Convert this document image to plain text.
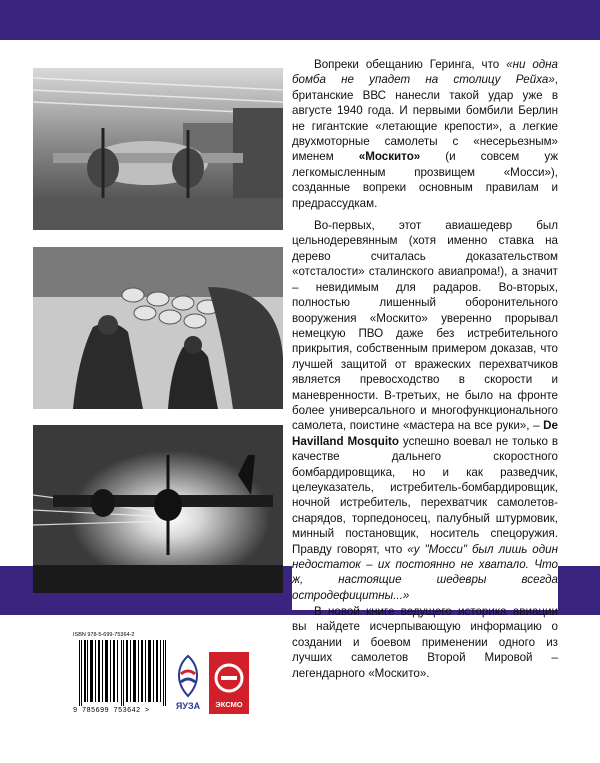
Вопреки обещанию Геринга, что «ни одна бомба не упадет на столицу Рейха», британские ВВС нанесли такой удар уже в августе 1940 года. И первыми бомбили Берлин не гигантские «летающие крепости», а легкие двухмоторные самолеты с «несерьезным» именем «Москито» (и совсем уж легкомысленным прозвищем «Мосси»), созданные вопреки основным правилам и предрассудкам.

Во-первых, этот авиашедевр был цельнодеревянным (хотя именно ставка на дерево считалась доказательством «отсталости» сталинского авиапрома!), а значит – невидимым для радаров. Во-вторых, полностью лишенный оборонительного вооружения «Москито» уверенно прорывал немецкую ПВО даже без истребительного прикрытия, собственным примером доказав, что лучшей защитой от вражеских перехватчиков является превосходство в скорости и маневренности. В-третьих, не было на фронте более универсального и многофункционального самолета, поистине «мастера на все руки», – De Havilland Mosquito успешно воевал не только в качестве дальнего скоростного бомбардировщика, но и как разведчик, целеуказатель, истребитель-бомбардировщик, ночной истребитель, перехватчик самолетов-снарядов, торпедоносец, палубный штурмовик, минный постановщик, носитель спецоружия. Правду говорят, что «у "Мосси" был лишь один недостаток – их постоянно не хватало. Что ж, настоящие шедевры всегда остродефицитны...»

В новой книге ведущего историка авиации вы найдете исчерпывающую информацию о создании и боевом применении одного из лучших самолетов Второй Мировой – легендарного «Москито».

ISBN 978-5-699-75364-2
9 785699 753642 >	ЯУЗА	ЭКСМО
